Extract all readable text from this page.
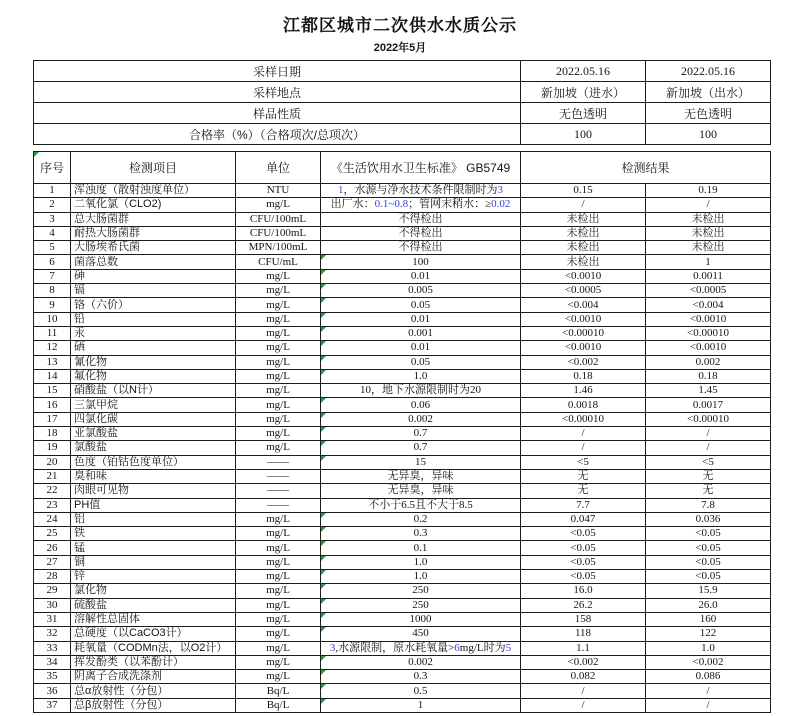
江都区城市二次供水水质公示
2022年5月
采样日期	2022.05.16	2022.05.16
采样地点	新加坡（进水）	新加坡（出水）
样品性质	无色透明	无色透明
合格率（%）（合格项次/总项次）	100	100
序号	检测项目	单位	《生活饮用水卫生标准》 GB5749	检测结果	
1	浑浊度（散射浊度单位）	NTU	1，水源与净水技术条件限制时为3	0.15	0.19
2	二氧化氯（CLO2)	mg/L	出厂水：0.1~0.8；管网末稍水：≥0.02	/	/
3	总大肠菌群	CFU/100mL	不得检出	未检出	未检出
4	耐热大肠菌群	CFU/100mL	不得检出	未检出	未检出
5	大肠埃希氏菌	MPN/100mL	不得检出	未检出	未检出
6	菌落总数	CFU/mL	100	未检出	1
7	砷	mg/L	0.01	<0.0010	0.0011
8	镉	mg/L	0.005	<0.0005	<0.0005
9	铬（六价）	mg/L	0.05	<0.004	<0.004
10	铅	mg/L	0.01	<0.0010	<0.0010
11	汞	mg/L	0.001	<0.00010	<0.00010
12	硒	mg/L	0.01	<0.0010	<0.0010
13	氰化物	mg/L	0.05	<0.002	0.002
14	氟化物	mg/L	1.0	0.18	0.18
15	硝酸盐（以N计）	mg/L	10，地下水源限制时为20	1.46	1.45
16	三氯甲烷	mg/L	0.06	0.0018	0.0017
17	四氯化碳	mg/L	0.002	<0.00010	<0.00010
18	亚氯酸盐	mg/L	0.7	/	/
19	氯酸盐	mg/L	0.7	/	/
20	色度（铂钴色度单位）	——	15	<5	<5
21	臭和味	——	无异臭，异味	无	无
22	肉眼可见物	——	无异臭，异味	无	无
23	PH值	——	不小于6.5且不大于8.5	7.7	7.8
24	铝	mg/L	0.2	0.047	0.036
25	铁	mg/L	0.3	<0.05	<0.05
26	锰	mg/L	0.1	<0.05	<0.05
27	铜	mg/L	1.0	<0.05	<0.05
28	锌	mg/L	1.0	<0.05	<0.05
29	氯化物	mg/L	250	16.0	15.9
30	硫酸盐	mg/L	250	26.2	26.0
31	溶解性总固体	mg/L	1000	158	160
32	总硬度（以CaCO3计）	mg/L	450	118	122
33	耗氧量（CODMn法，以O2计）	mg/L	3,水源限制，原水耗氧量>6mg/L时为5	1.1	1.0
34	挥发酚类（以苯酚计）	mg/L	0.002	<0.002	<0.002
35	阴离子合成洗涤剂	mg/L	0.3	0.082	0.086
36	总α放射性（分包）	Bq/L	0.5	/	/
37	总β放射性（分包）	Bq/L	1	/	/
